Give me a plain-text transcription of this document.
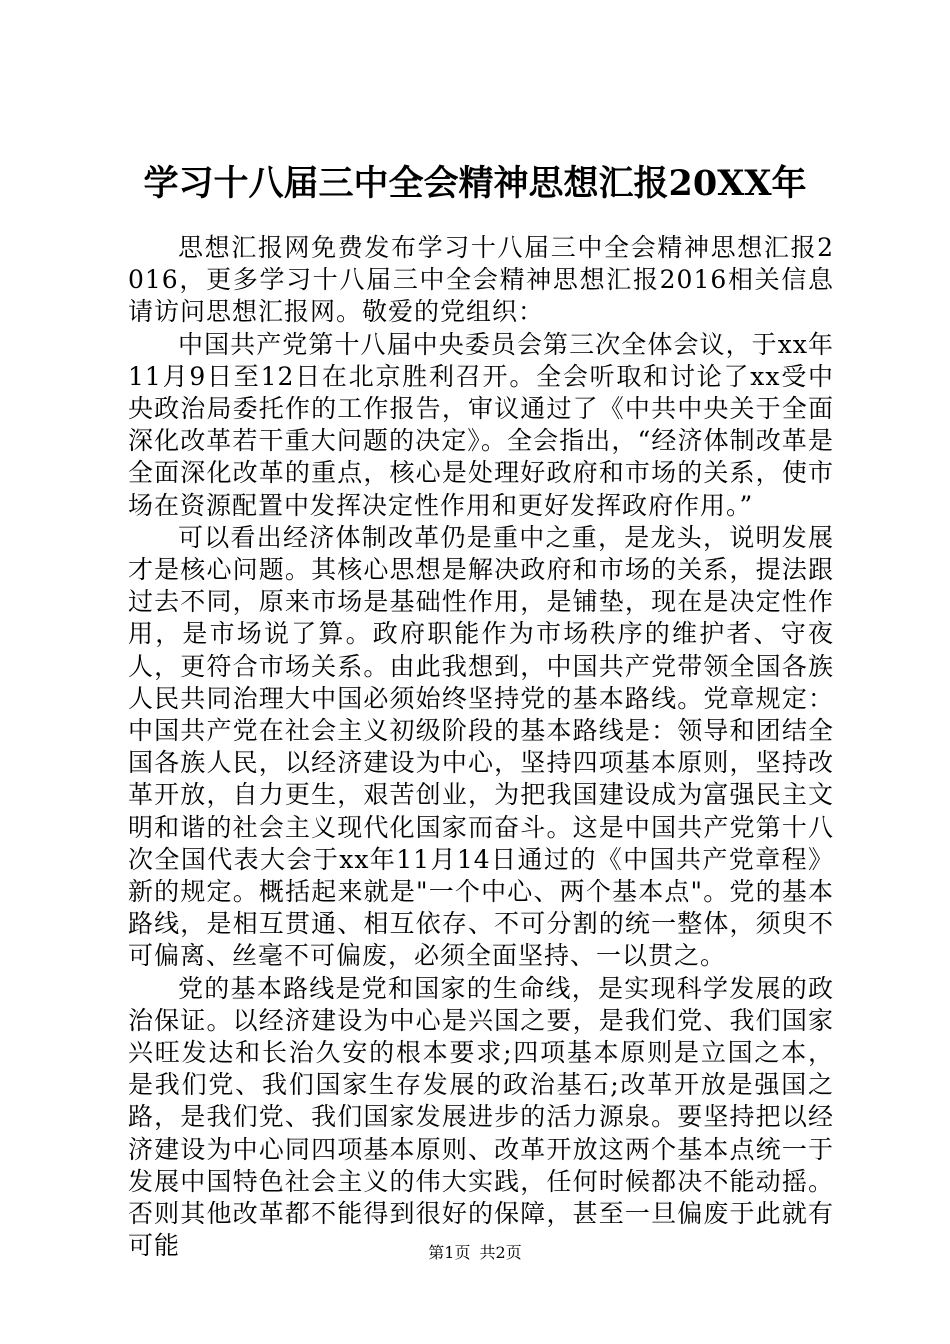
学习十八届三中全会精神思想汇报20XX年

思想汇报网免费发布学习十八届三中全会精神思想汇报2016，更多学习十八届三中全会精神思想汇报2016相关信息请访问思想汇报网。敬爱的党组织：

中国共产党第十八届中央委员会第三次全体会议，于xx年11月9日至12日在北京胜利召开。全会听取和讨论了xx受中央政治局委托作的工作报告，审议通过了《中共中央关于全面深化改革若干重大问题的决定》。全会指出，“经济体制改革是全面深化改革的重点，核心是处理好政府和市场的关系，使市场在资源配置中发挥决定性作用和更好发挥政府作用。”

可以看出经济体制改革仍是重中之重，是龙头，说明发展才是核心问题。其核心思想是解决政府和市场的关系，提法跟过去不同，原来市场是基础性作用，是铺垫，现在是决定性作用，是市场说了算。政府职能作为市场秩序的维护者、守夜人，更符合市场关系。由此我想到，中国共产党带领全国各族人民共同治理大中国必须始终坚持党的基本路线。党章规定：中国共产党在社会主义初级阶段的基本路线是：领导和团结全国各族人民，以经济建设为中心，坚持四项基本原则，坚持改革开放，自力更生，艰苦创业，为把我国建设成为富强民主文明和谐的社会主义现代化国家而奋斗。这是中国共产党第十八次全国代表大会于xx年11月14日通过的《中国共产党章程》新的规定。概括起来就是"一个中心、两个基本点"。党的基本路线，是相互贯通、相互依存、不可分割的统一整体，须臾不可偏离、丝毫不可偏废，必须全面坚持、一以贯之。

党的基本路线是党和国家的生命线，是实现科学发展的政治保证。以经济建设为中心是兴国之要，是我们党、我们国家兴旺发达和长治久安的根本要求;四项基本原则是立国之本，是我们党、我们国家生存发展的政治基石;改革开放是强国之路，是我们党、我们国家发展进步的活力源泉。要坚持把以经济建设为中心同四项基本原则、改革开放这两个基本点统一于发展中国特色社会主义的伟大实践，任何时候都决不能动摇。否则其他改革都不能得到很好的保障，甚至一旦偏废于此就有可能	第1页 共2页
